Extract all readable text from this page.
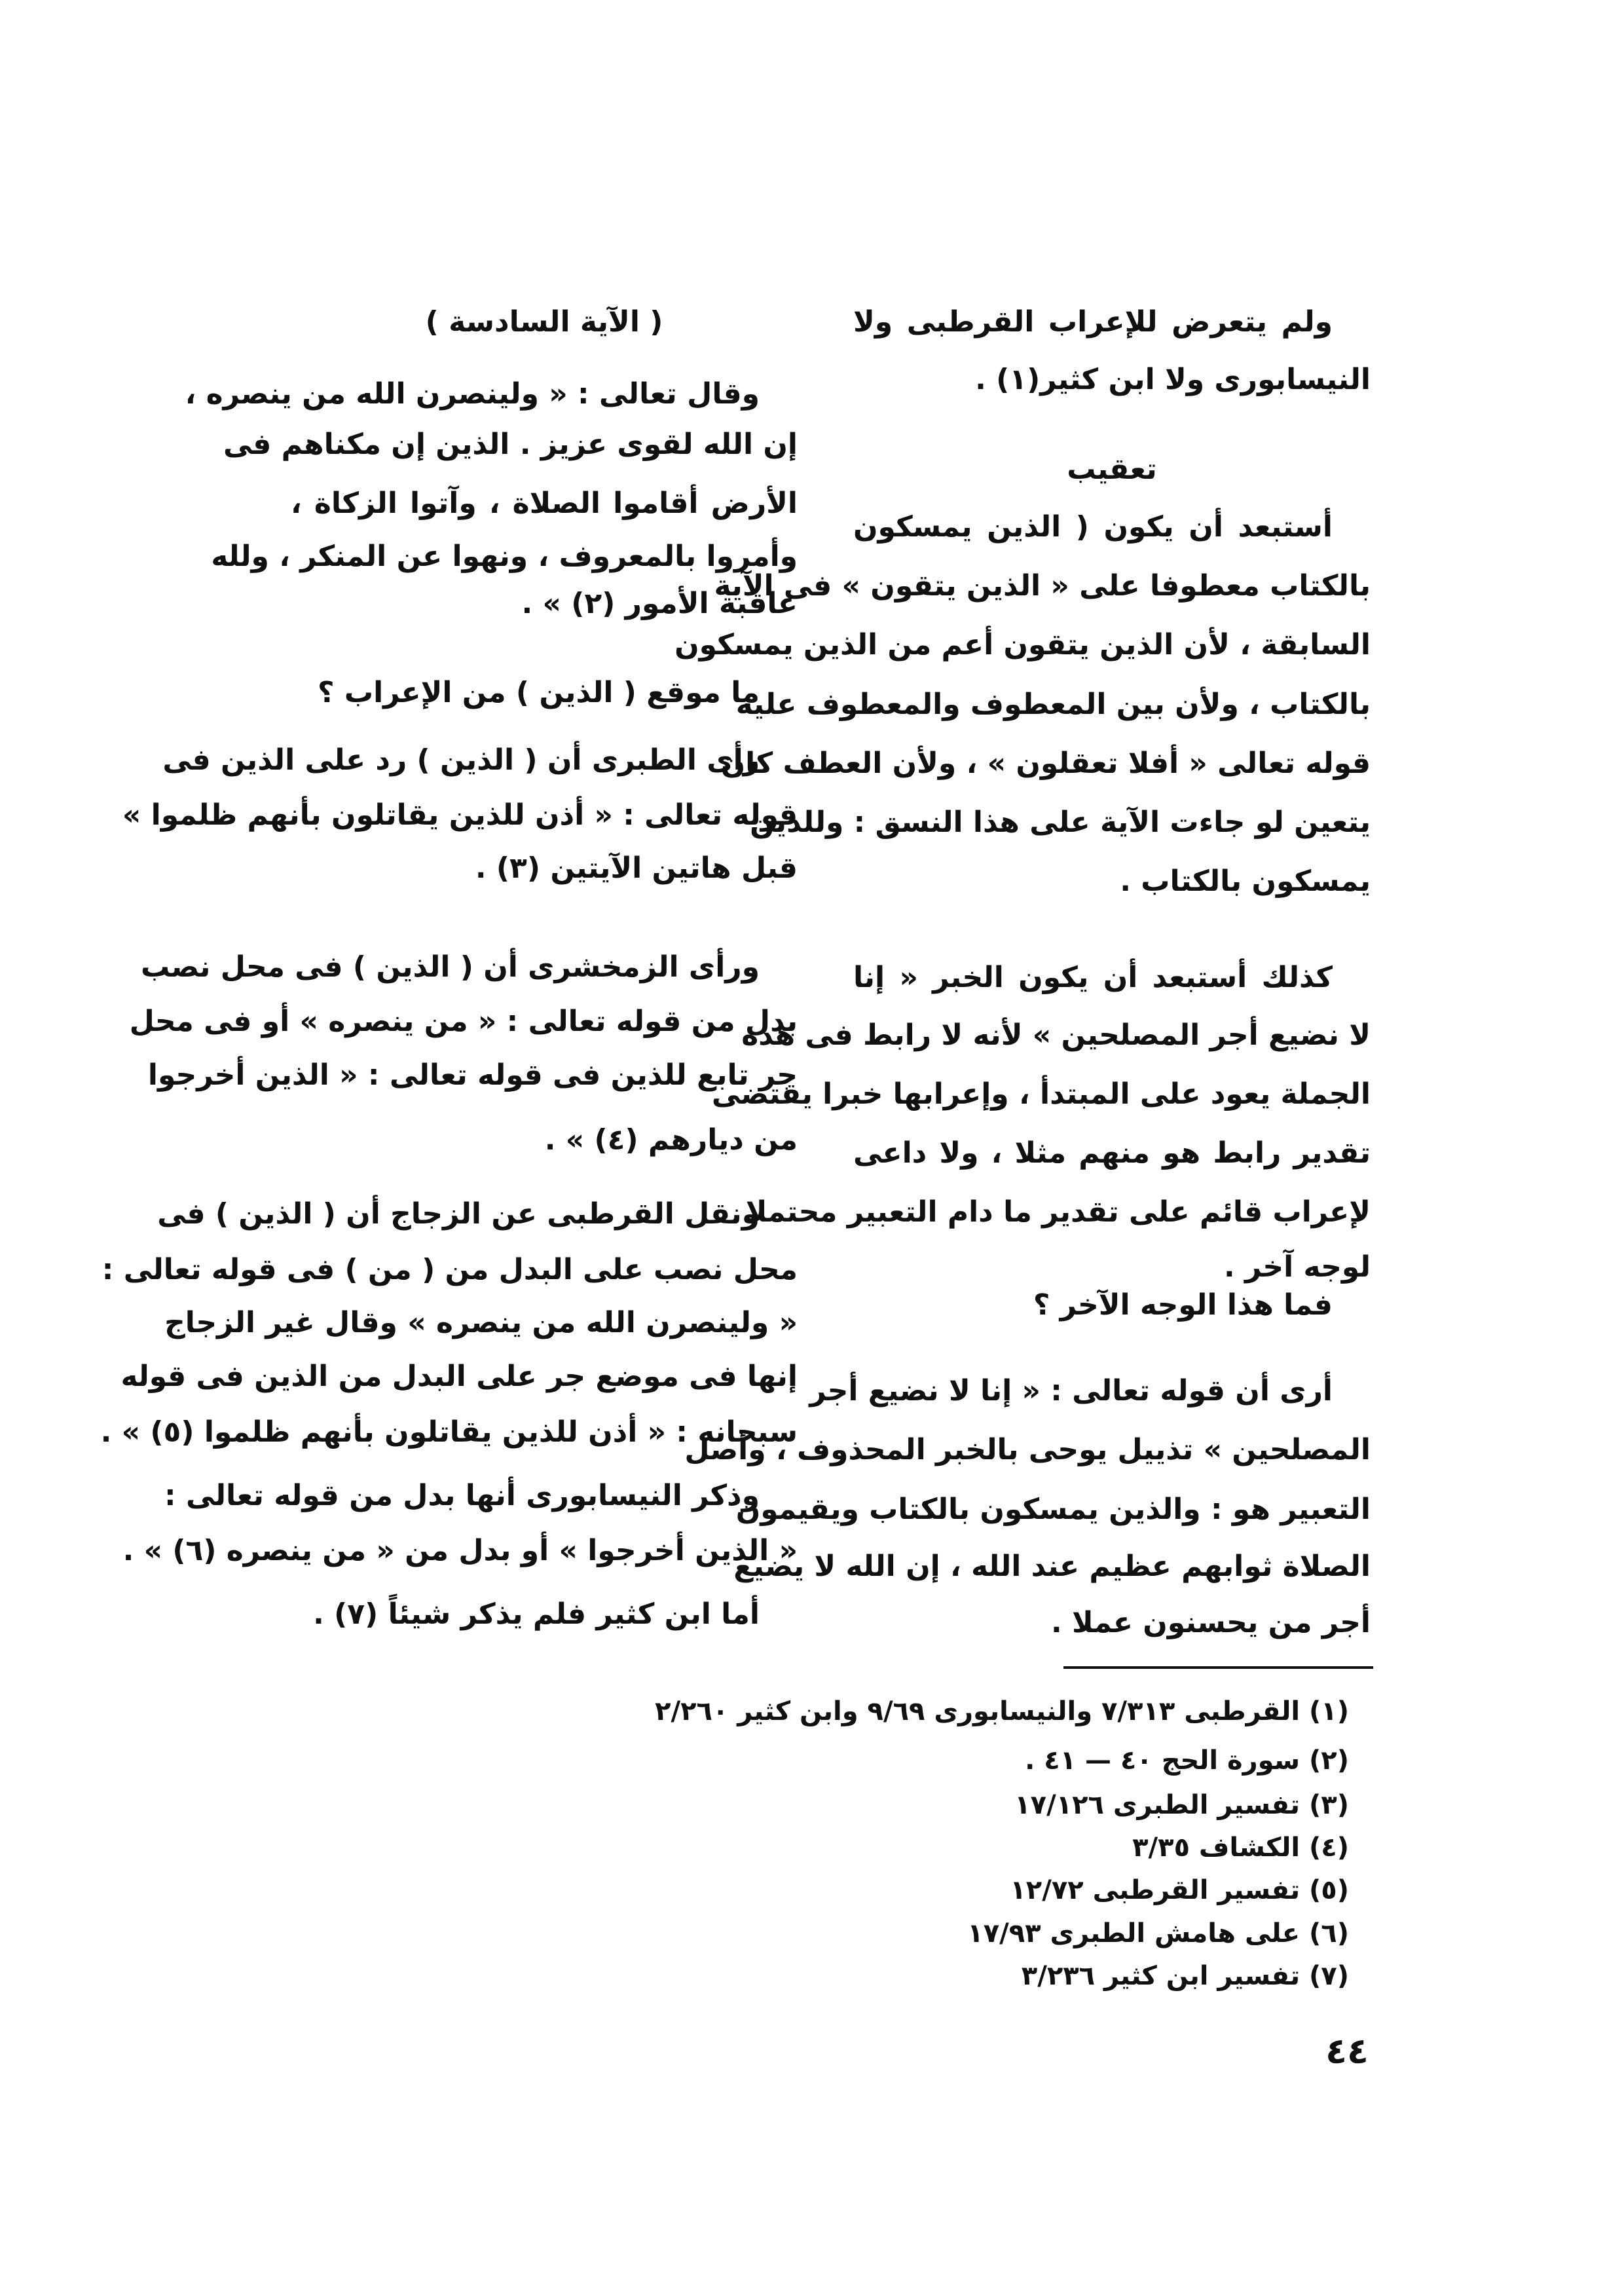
٤٤
ولم يتعرض للإعراب القرطبى ولا
النيسابورى ولا ابن كثير(١) .
تعقيب
أستبعد أن يكون ( الذين يمسكون
بالكتاب معطوفا على « الذين يتقون » فى الآية
السابقة ، لأن الذين يتقون أعم من الذين يمسكون
بالكتاب ، ولأن بين المعطوف والمعطوف عليه
قوله تعالى « أفلا تعقلون » ، ولأن العطف كان
يتعين لو جاءت الآية على هذا النسق : وللذين
يمسكون بالكتاب .
كذلك أستبعد أن يكون الخبر « إنا
لا نضيع أجر المصلحين » لأنه لا رابط فى هذه
الجملة يعود على المبتدأ ، وإعرابها خبرا يقتضى
تقدير رابط هو منهم مثلا ، ولا داعى
لإعراب قائم على تقدير ما دام التعبير محتملا
لوجه آخر .
فما هذا الوجه الآخر ؟
أرى أن قوله تعالى : « إنا لا نضيع أجر
المصلحين » تذييل يوحى بالخبر المحذوف ، وأصل
التعبير هو : والذين يمسكون بالكتاب ويقيمون
الصلاة ثوابهم عظيم عند الله ، إن الله لا يضيع
أجر من يحسنون عملا .
( الآية السادسة )
وقال تعالى : « ولينصرن الله من ينصره ،
إن الله لقوى عزيز . الذين إن مكناهم فى
الأرض أقاموا الصلاة ، وآتوا الزكاة ،
وأمروا بالمعروف ، ونهوا عن المنكر ، ولله
عاقبة الأمور (٢) » .
ما موقع ( الذين ) من الإعراب ؟
رأى الطبرى أن ( الذين ) رد على الذين فى
قوله تعالى : « أذن للذين يقاتلون بأنهم ظلموا »
قبل هاتين الآيتين (٣) .
ورأى الزمخشرى أن ( الذين ) فى محل نصب
بدل من قوله تعالى : « من ينصره » أو فى محل
جر تابع للذين فى قوله تعالى : « الذين أخرجوا
من ديارهم (٤) » .
ونقل القرطبى عن الزجاج أن ( الذين ) فى
محل نصب على البدل من ( من ) فى قوله تعالى :
« ولينصرن الله من ينصره » وقال غير الزجاج
إنها فى موضع جر على البدل من الذين فى قوله
سبحانه : « أذن للذين يقاتلون بأنهم ظلموا (٥) » .
وذكر النيسابورى أنها بدل من قوله تعالى :
« الذين أخرجوا » أو بدل من « من ينصره (٦) » .
أما ابن كثير فلم يذكر شيئاً (٧) .
(١) القرطبى ٧/٣١٣ والنيسابورى ٩/٦٩ وابن كثير ٢/٢٦٠
(٢) سورة الحج ٤٠ — ٤١ .
(٣) تفسير الطبرى ١٧/١٢٦
(٤) الكشاف ٣/٣٥
(٥) تفسير القرطبى ١٢/٧٢
(٦) على هامش الطبرى ١٧/٩٣
(٧) تفسير ابن كثير ٣/٢٣٦
